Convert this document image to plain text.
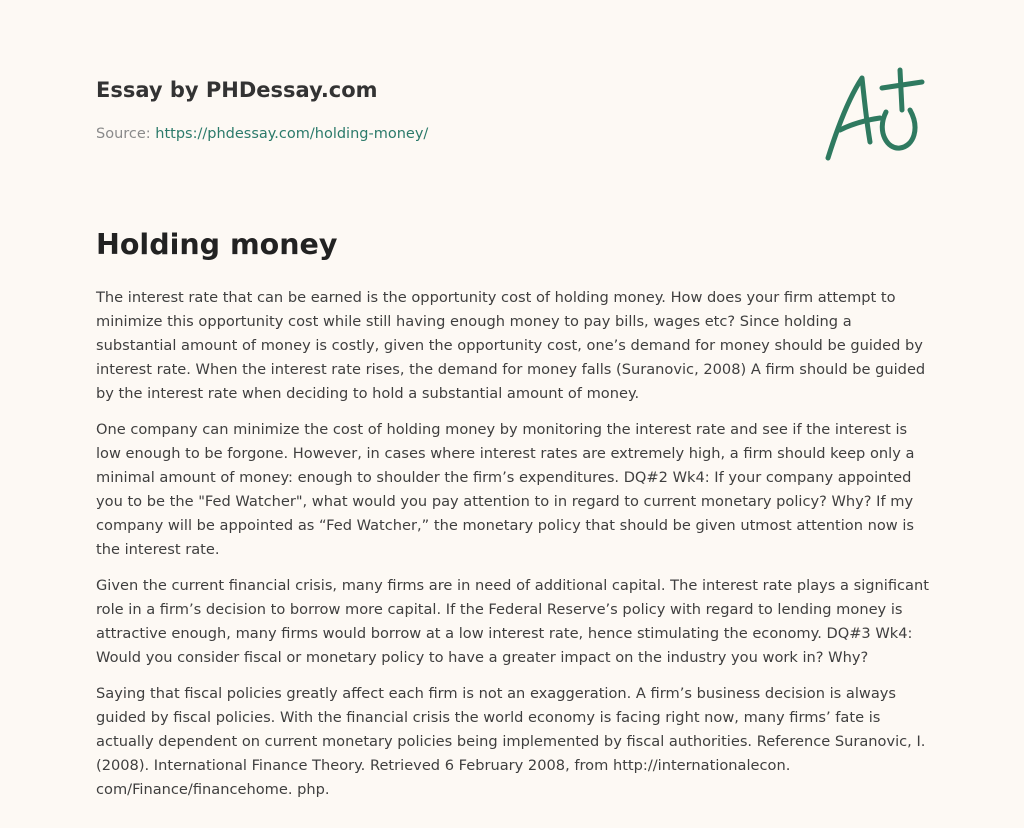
Essay by PHDessay.com
Source: https://phdessay.com/holding-money/
Holding money

The interest rate that can be earned is the opportunity cost of holding money. How does your firm attempt to minimize this opportunity cost while still having enough money to pay bills, wages etc? Since holding a substantial amount of money is costly, given the opportunity cost, one’s demand for money should be guided by interest rate. When the interest rate rises, the demand for money falls (Suranovic, 2008) A firm should be guided by the interest rate when deciding to hold a substantial amount of money.

One company can minimize the cost of holding money by monitoring the interest rate and see if the interest is low enough to be forgone. However, in cases where interest rates are extremely high, a firm should keep only a minimal amount of money: enough to shoulder the firm’s expenditures. DQ#2 Wk4: If your company appointed you to be the "Fed Watcher", what would you pay attention to in regard to current monetary policy? Why? If my company will be appointed as “Fed Watcher,” the monetary policy that should be given utmost attention now is the interest rate.

Given the current financial crisis, many firms are in need of additional capital. The interest rate plays a significant role in a firm’s decision to borrow more capital. If the Federal Reserve’s policy with regard to lending money is attractive enough, many firms would borrow at a low interest rate, hence stimulating the economy. DQ#3 Wk4: Would you consider fiscal or monetary policy to have a greater impact on the industry you work in? Why?

Saying that fiscal policies greatly affect each firm is not an exaggeration. A firm’s business decision is always guided by fiscal policies. With the financial crisis the world economy is facing right now, many firms’ fate is actually dependent on current monetary policies being implemented by fiscal authorities. Reference Suranovic, I. (2008). International Finance Theory. Retrieved 6 February 2008, from http://internationalecon. com/Finance/financehome. php.
